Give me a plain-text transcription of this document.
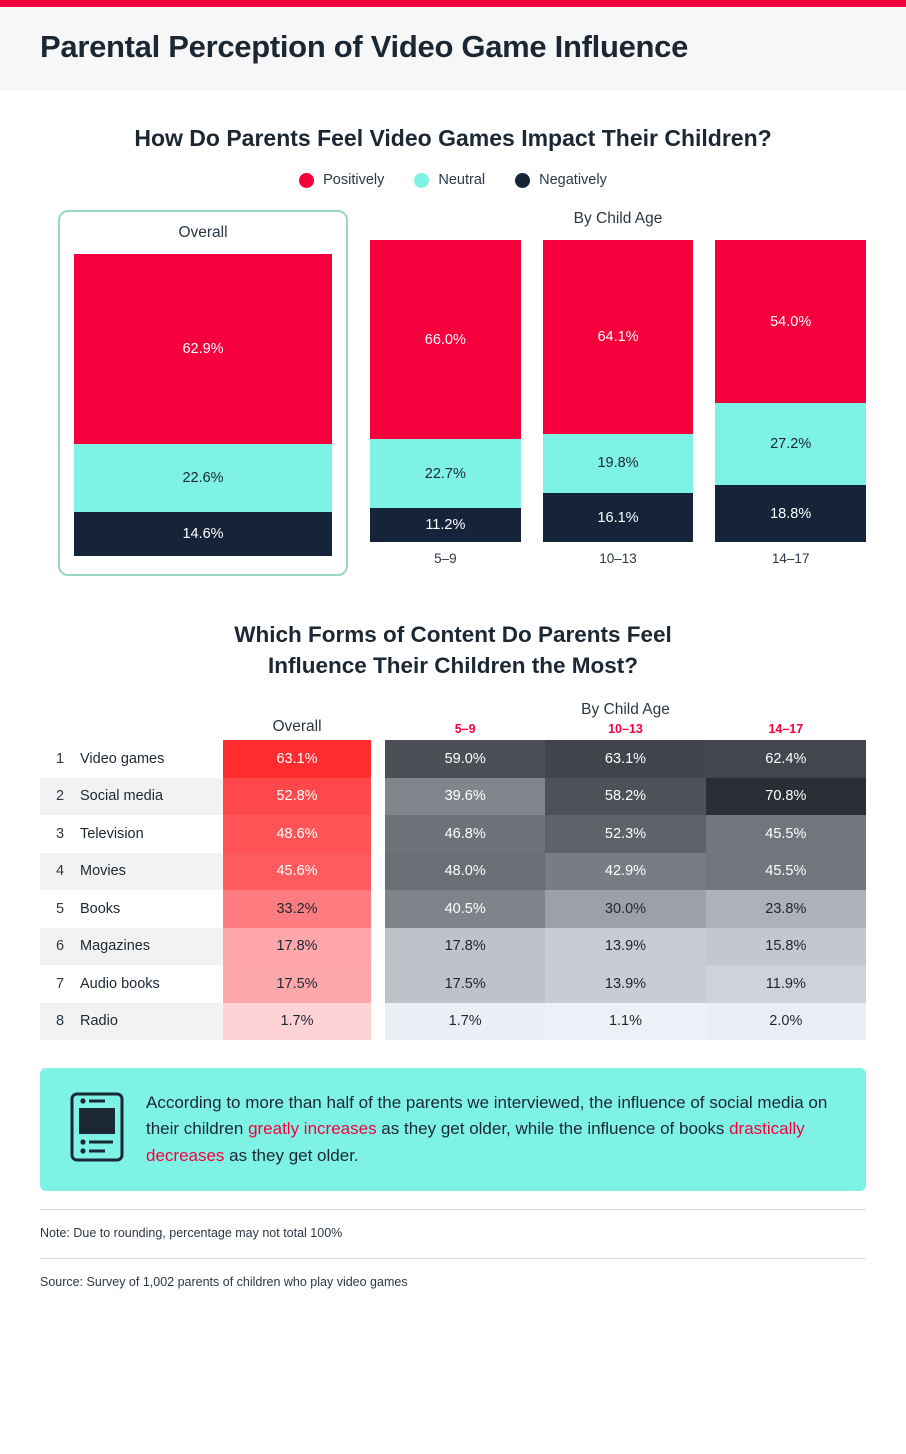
Parental Perception of Video Game Influence
How Do Parents Feel Video Games Impact Their Children?
Positively	Neutral	Negatively
Overall
62.9%
22.6%
14.6%
By Child Age
66.0%
22.7%
11.2%
5–9
64.1%
19.8%
16.1%
10–13
54.0%
27.2%
18.8%
14–17
Which Forms of Content Do Parents Feel
Influence Their Children the Most?
Overall
By Child Age
5–9	10–13	14–17
1	Video games	63.1%	59.0%	63.1%	62.4%
2	Social media	52.8%	39.6%	58.2%	70.8%
3	Television	48.6%	46.8%	52.3%	45.5%
4	Movies	45.6%	48.0%	42.9%	45.5%
5	Books	33.2%	40.5%	30.0%	23.8%
6	Magazines	17.8%	17.8%	13.9%	15.8%
7	Audio books	17.5%	17.5%	13.9%	11.9%
8	Radio	1.7%	1.7%	1.1%	2.0%
According to more than half of the parents we interviewed, the influence of social media on their children greatly increases as they get older, while the influence of books drastically decreases as they get older.
Note: Due to rounding, percentage may not total 100%
Source: Survey of 1,002 parents of children who play video games
